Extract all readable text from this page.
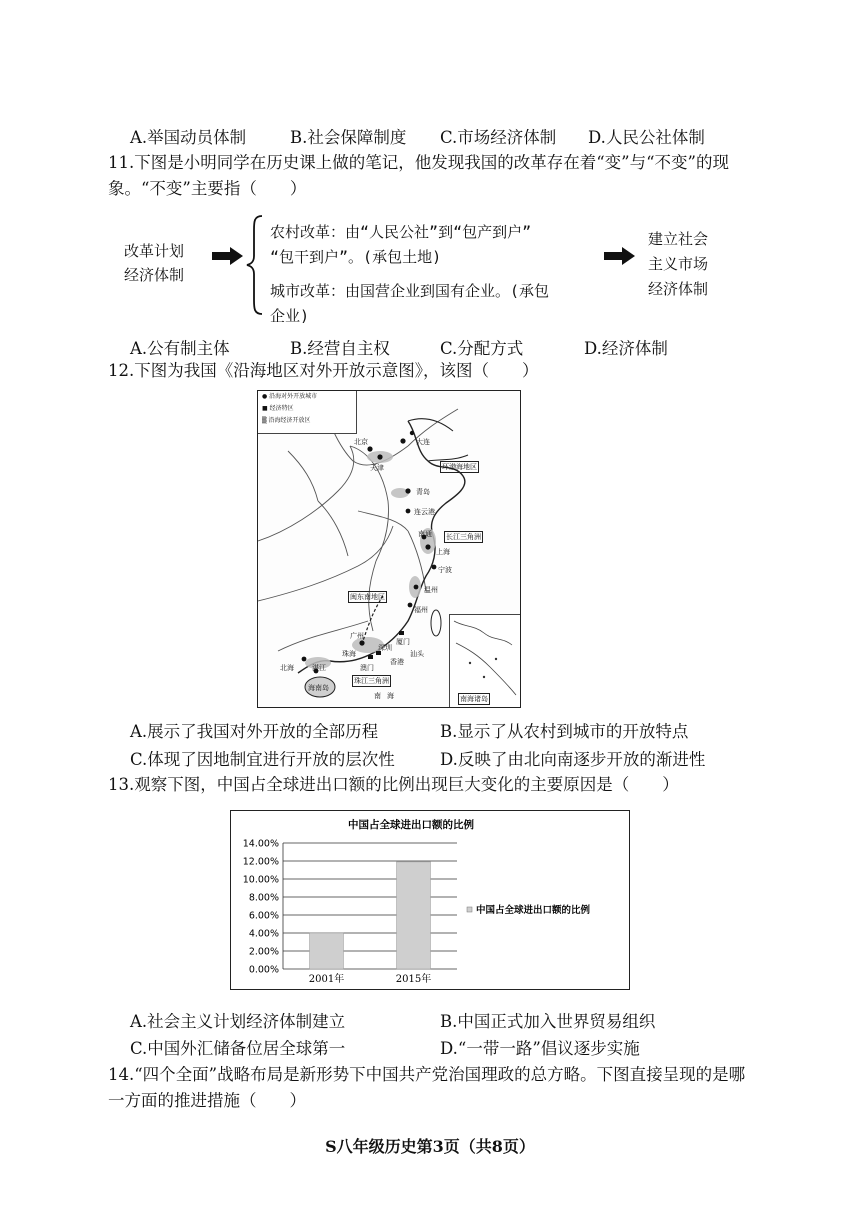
A.举国动员体制	B.社会保障制度 C.市场经济体制 D.人民公社体制
11.下图是小明同学在历史课上做的笔记，他发现我国的改革存在着“变”与“不变”的现
象。“不变”主要指（　　）
改革计划
经济体制
农村改革：由“人民公社”到“包产到户”
“包干到户”。(承包土地)
城市改革：由国营企业到国有企业。(承包
企业)
建立社会
主义市场
经济体制
A.公有制主体	B.经营自主权	C.分配方式	D.经济体制
12.下图为我国《沿海地区对外开放示意图》，该图（　　）
● 沿海对外开放城市
■ 经济特区
▒ 沿海经济开放区
北京
天津
大连
环渤海地区
青岛
连云港
南通 长江三角洲
上海
宁波
温州
闽东南地区
福州
厦门
广州
深圳
汕头
珠海
香港
澳门
珠江三角洲
北海	湛江
海南岛
南海	南海诸岛
A.展示了我国对外开放的全部历程	B.显示了从农村到城市的开放特点
C.体现了因地制宜进行开放的层次性	D.反映了由北向南逐步开放的渐进性
13.观察下图，中国占全球进出口额的比例出现巨大变化的主要原因是（　　）
中国占全球进出口额的比例
0.00%
2.00%
4.00%
6.00%
8.00%
10.00%
12.00%
14.00%
2001年	2015年
中国占全球进出口额的比例
A.社会主义计划经济体制建立	B.中国正式加入世界贸易组织
C.中国外汇储备位居全球第一	D.“一带一路”倡议逐步实施
14.“四个全面”战略布局是新形势下中国共产党治国理政的总方略。下图直接呈现的是哪
一方面的推进措施（　　）
S八年级历史第3页（共8页）
